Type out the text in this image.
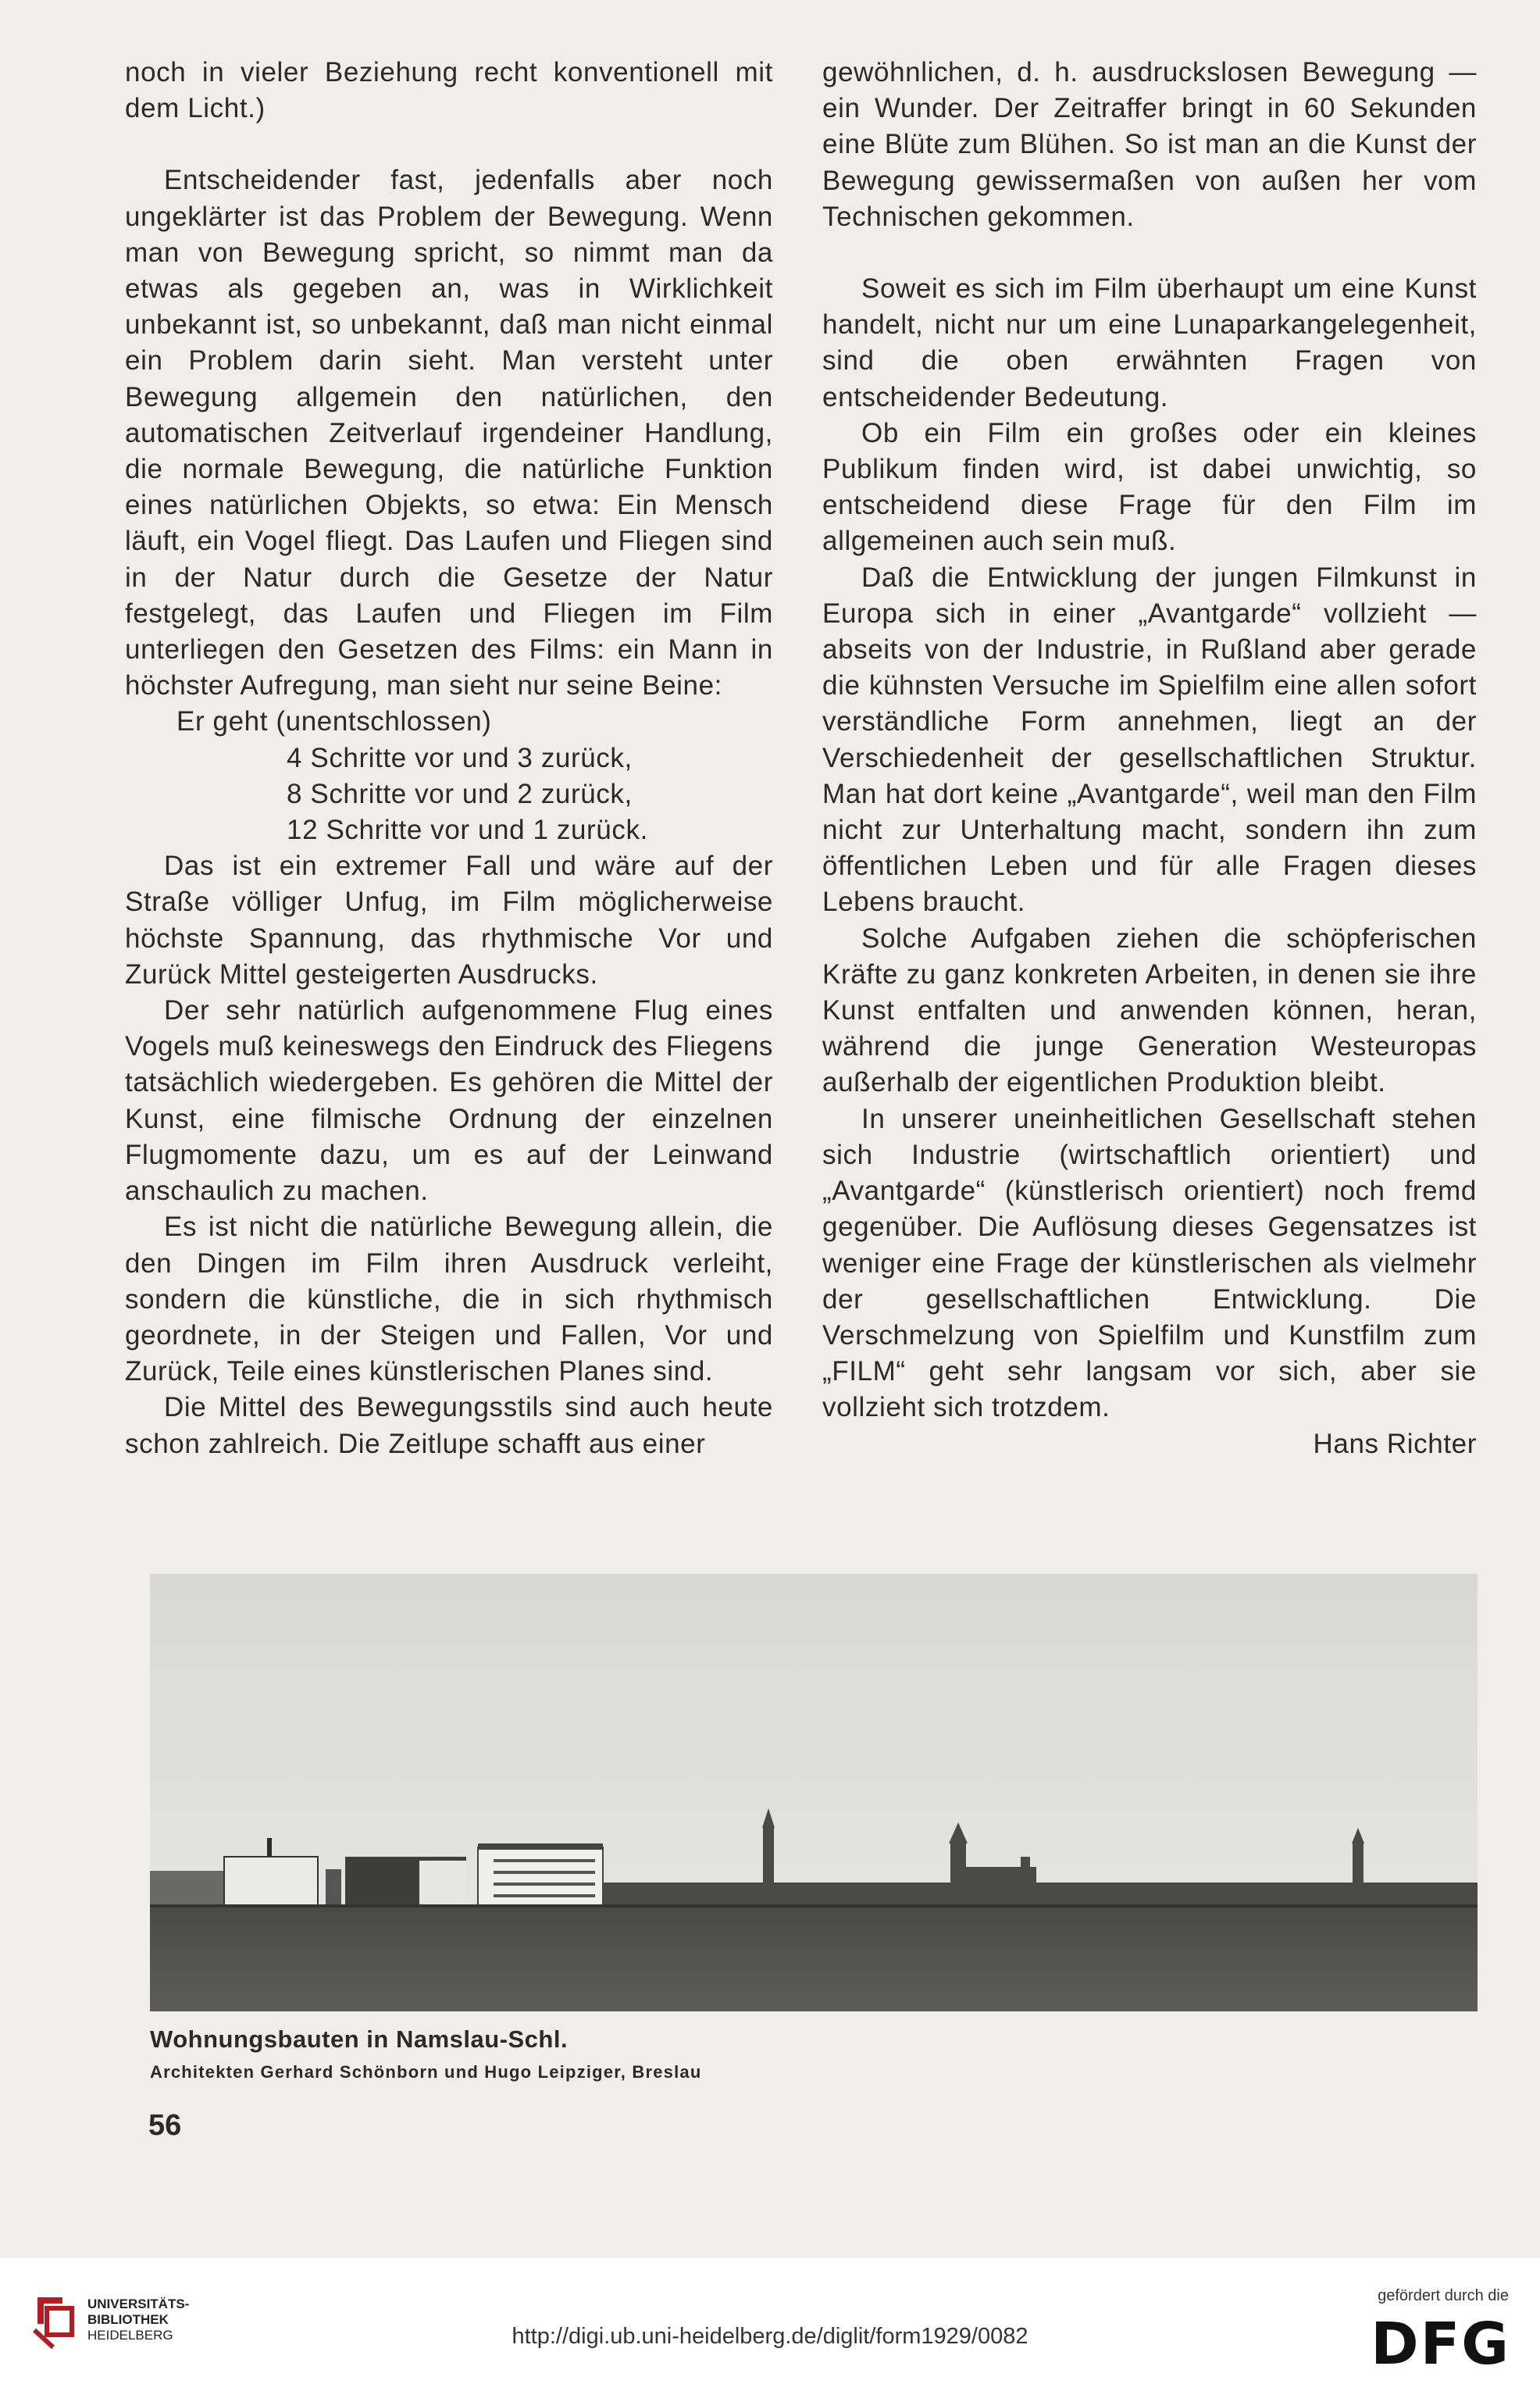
noch in vieler Beziehung recht konventionell mit dem Licht.)

Entscheidender fast, jedenfalls aber noch ungeklärter ist das Problem der Bewegung. Wenn man von Bewegung spricht, so nimmt man da etwas als gegeben an, was in Wirklichkeit unbekannt ist, so unbekannt, daß man nicht einmal ein Problem darin sieht. Man versteht unter Bewegung allgemein den natürlichen, den automatischen Zeitverlauf irgendeiner Handlung, die normale Bewegung, die natürliche Funktion eines natürlichen Objekts, so etwa: Ein Mensch läuft, ein Vogel fliegt. Das Laufen und Fliegen sind in der Natur durch die Gesetze der Natur festgelegt, das Laufen und Fliegen im Film unterliegen den Gesetzen des Films: ein Mann in höchster Aufregung, man sieht nur seine Beine:

Er geht (unentschlossen)

4 Schritte vor und 3 zurück,
8 Schritte vor und 2 zurück,
12 Schritte vor und 1 zurück.

Das ist ein extremer Fall und wäre auf der Straße völliger Unfug, im Film möglicherweise höchste Spannung, das rhythmische Vor und Zurück Mittel gesteigerten Ausdrucks.

Der sehr natürlich aufgenommene Flug eines Vogels muß keineswegs den Eindruck des Fliegens tatsächlich wiedergeben. Es gehören die Mittel der Kunst, eine filmische Ordnung der einzelnen Flugmomente dazu, um es auf der Leinwand anschaulich zu machen.

Es ist nicht die natürliche Bewegung allein, die den Dingen im Film ihren Ausdruck verleiht, sondern die künstliche, die in sich rhythmisch geordnete, in der Steigen und Fallen, Vor und Zurück, Teile eines künstlerischen Planes sind.

Die Mittel des Bewegungsstils sind auch heute schon zahlreich. Die Zeitlupe schafft aus einer

gewöhnlichen, d. h. ausdruckslosen Bewegung — ein Wunder. Der Zeitraffer bringt in 60 Sekunden eine Blüte zum Blühen. So ist man an die Kunst der Bewegung gewissermaßen von außen her vom Technischen gekommen.

Soweit es sich im Film überhaupt um eine Kunst handelt, nicht nur um eine Lunaparkangelegenheit, sind die oben erwähnten Fragen von entscheidender Bedeutung.

Ob ein Film ein großes oder ein kleines Publikum finden wird, ist dabei unwichtig, so entscheidend diese Frage für den Film im allgemeinen auch sein muß.

Daß die Entwicklung der jungen Filmkunst in Europa sich in einer „Avantgarde“ vollzieht — abseits von der Industrie, in Rußland aber gerade die kühnsten Versuche im Spielfilm eine allen sofort verständliche Form annehmen, liegt an der Verschiedenheit der gesellschaftlichen Struktur. Man hat dort keine „Avantgarde“, weil man den Film nicht zur Unterhaltung macht, sondern ihn zum öffentlichen Leben und für alle Fragen dieses Lebens braucht.

Solche Aufgaben ziehen die schöpferischen Kräfte zu ganz konkreten Arbeiten, in denen sie ihre Kunst entfalten und anwenden können, heran, während die junge Generation Westeuropas außerhalb der eigentlichen Produktion bleibt.

In unserer uneinheitlichen Gesellschaft stehen sich Industrie (wirtschaftlich orientiert) und „Avantgarde“ (künstlerisch orientiert) noch fremd gegenüber. Die Auflösung dieses Gegensatzes ist weniger eine Frage der künstlerischen als vielmehr der gesellschaftlichen Entwicklung. Die Verschmelzung von Spielfilm und Kunstfilm zum „FILM“ geht sehr langsam vor sich, aber sie vollzieht sich trotzdem.

Hans Richter

Wohnungsbauten in Namslau-Schl.
Architekten Gerhard Schönborn und Hugo Leipziger, Breslau
56
UNIVERSITÄTS-
BIBLIOTHEK
HEIDELBERG	http://digi.ub.uni-heidelberg.de/diglit/form1929/0082
gefördert durch die
DFG
